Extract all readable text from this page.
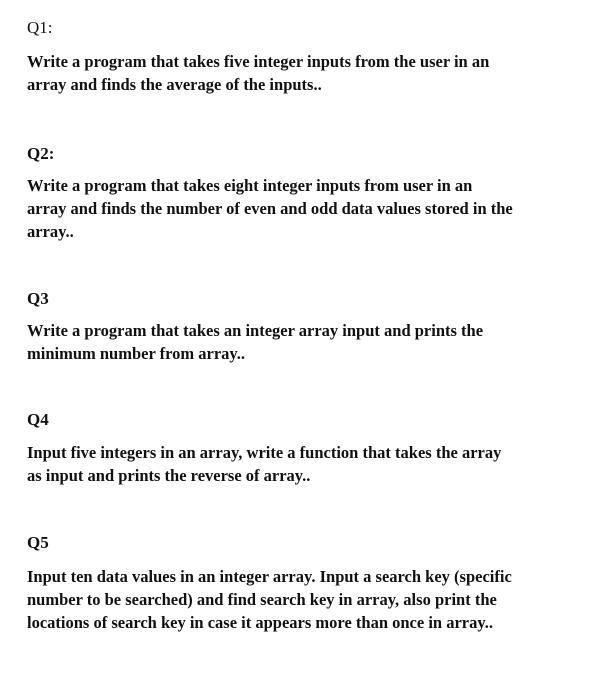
Q1:

Write a program that takes five integer inputs from the user in an
array and finds the average of the inputs..

Q2:

Write a program that takes eight integer inputs from user in an
array and finds the number of even and odd data values stored in the
array..

Q3

Write a program that takes an integer array input and prints the
minimum number from array..

Q4

Input five integers in an array, write a function that takes the array
as input and prints the reverse of array..

Q5

Input ten data values in an integer array. Input a search key (specific
number to be searched) and find search key in array, also print the
locations of search key in case it appears more than once in array..
